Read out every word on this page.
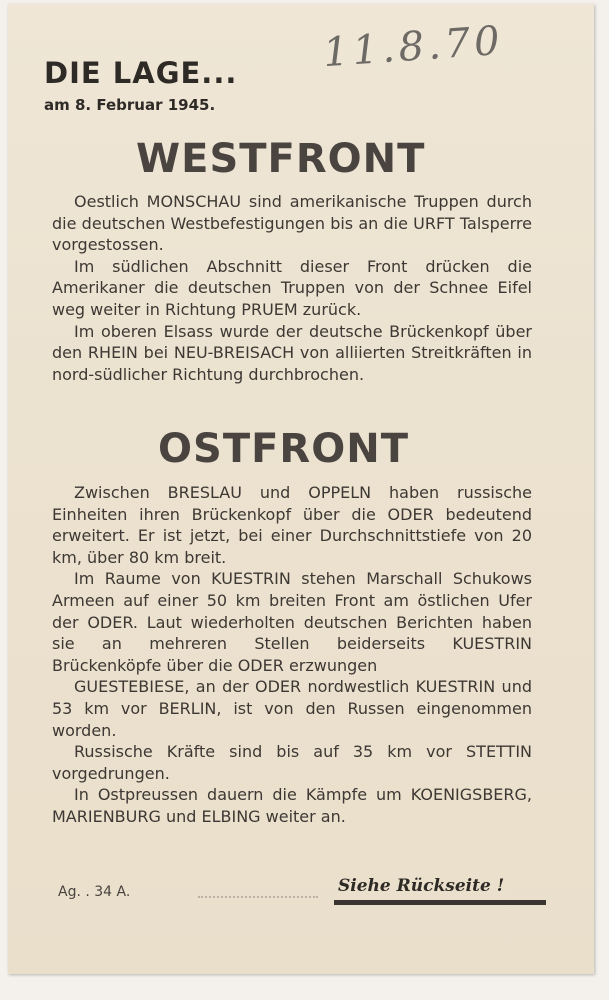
11.8.70
DIE LAGE...
am 8. Februar 1945.
WESTFRONT

Oestlich MONSCHAU sind amerikanische Truppen durch die deutschen Westbefestigungen bis an die URFT Talsperre vorgestossen.

Im südlichen Abschnitt dieser Front drücken die Amerikaner die deutschen Truppen von der Schnee Eifel weg weiter in Richtung PRUEM zurück.

Im oberen Elsass wurde der deutsche Brückenkopf über den RHEIN bei NEU-BREISACH von alliierten Streitkräften in nord-südlicher Richtung durchbrochen.

OSTFRONT

Zwischen BRESLAU und OPPELN haben russische Einheiten ihren Brückenkopf über die ODER bedeutend erweitert. Er ist jetzt, bei einer Durchschnittstiefe von 20 km, über 80 km breit.

Im Raume von KUESTRIN stehen Marschall Schukows Armeen auf einer 50 km breiten Front am östlichen Ufer der ODER. Laut wiederholten deutschen Berichten haben sie an mehreren Stellen beiderseits KUESTRIN Brückenköpfe über die ODER erzwungen

GUESTEBIESE, an der ODER nordwestlich KUESTRIN und 53 km vor BERLIN, ist von den Russen eingenommen worden.

Russische Kräfte sind bis auf 35 km vor STETTIN vorgedrungen.

In Ostpreussen dauern die Kämpfe um KOENIGSBERG, MARIENBURG und ELBING weiter an.

Ag. . 34 A.	Siehe Rückseite !
